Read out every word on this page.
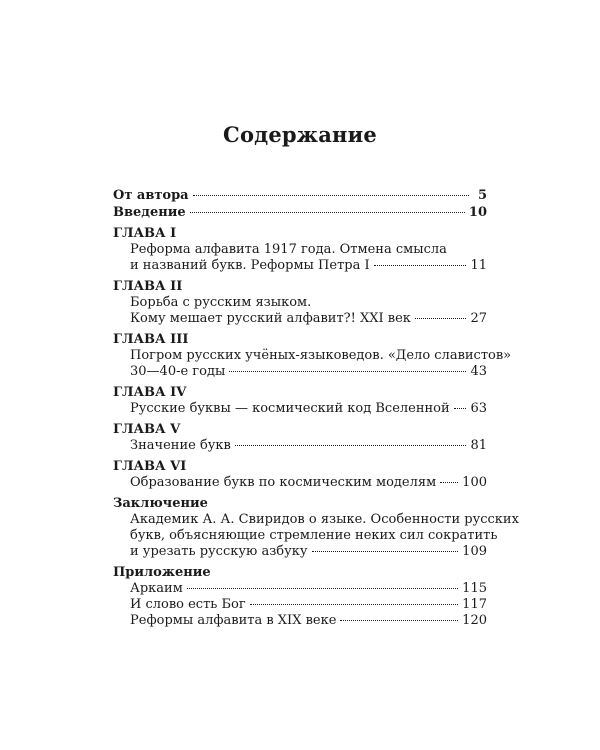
Содержание
От автора	5
Введение	10
ГЛАВА I
Реформа алфавита 1917 года. Отмена смысла
и названий букв. Реформы Петра I	11
ГЛАВА II
Борьба с русским языком.
Кому мешает русский алфавит?! XXI век	27
ГЛАВА III
Погром русских учёных-языковедов. «Дело славистов»
30—40-е годы	43
ГЛАВА IV
Русские буквы — космический код Вселенной 63
ГЛАВА V
Значение букв	81
ГЛАВА VI
Образование букв по космическим моделям 100
Заключение
Академик А. А. Свиридов о языке. Особенности русских
букв, объясняющие стремление неких сил сократить
и урезать русскую азбуку	109
Приложение
Аркаим	115
И слово есть Бог	117
Реформы алфавита в XIX веке	120
